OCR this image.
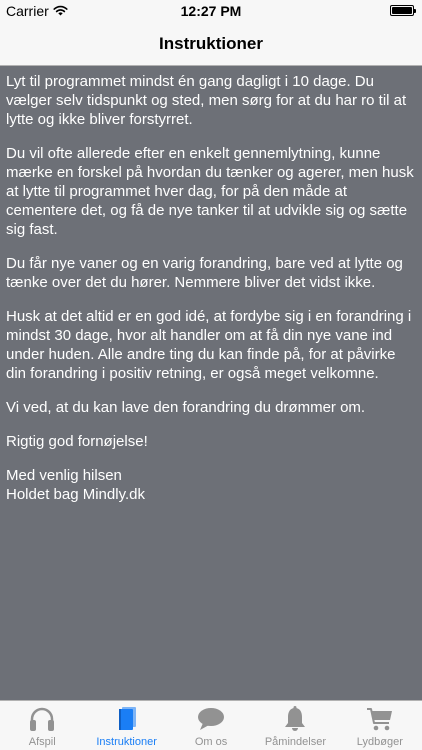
Carrier	12:27 PM
Instruktioner

Lyt til programmet mindst én gang dagligt i 10 dage. Du vælger selv tidspunkt og sted, men sørg for at du har ro til at lytte og ikke bliver forstyrret.

Du vil ofte allerede efter en enkelt gennemlytning, kunne mærke en forskel på hvordan du tænker og agerer, men husk at lytte til programmet hver dag, for på den måde at cementere det, og få de nye tanker til at udvikle sig og sætte sig fast.

Du får nye vaner og en varig forandring, bare ved at lytte og tænke over det du hører. Nemmere bliver det vidst ikke.

Husk at det altid er en god idé, at fordybe sig i en forandring i mindst 30 dage, hvor alt handler om at få din nye vane ind under huden. Alle andre ting du kan finde på, for at påvirke din forandring i positiv retning, er også meget velkomne.

Vi ved, at du kan lave den forandring du drømmer om.

Rigtig god fornøjelse!

Med venlig hilsen
Holdet bag Mindly.dk

Afspil	Instruktioner	Om os	Påmindelser	Lydbøger
